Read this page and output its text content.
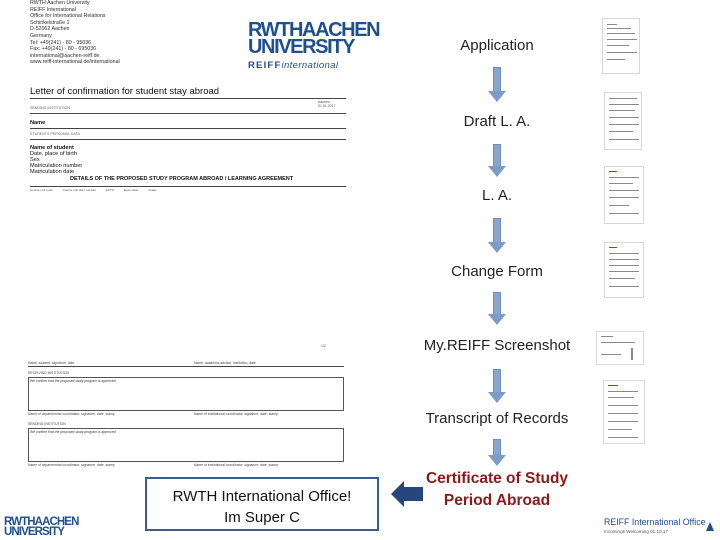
RWTH Aachen University
REIFF International
Office for International Relations
Schinkelstraße 1
D-52062 Aachen
Germany
Tel: +49(241) - 80 - 95036
Fax: +49(241) - 80 - 695036
international@aachen-reiff.de
www.reiff-international.de/international
RWTHAACHEN
UNIVERSITY
REIFFinternational
Letter of confirmation for student stay abroad
Aachen, 01.01.2017
SENDING INSTITUTION
Name
STUDENTS PERSONAL DATA
Name of student
Date, place of birth
Sex
Matriculation number
Matriculation date
DETAILS OF THE PROPOSED STUDY PROGRAM ABROAD / LEARNING AGREEMENT
Course unit code	Course unit title / module	ECTS	Exam date	Grade
1/2
Name, student, signature, date	Name, academic advisor, institution, date
RECEIVING INSTITUTION
We confirm that the proposed study program is approved.
Name of departmental coordinator, signature, date, stamp	Name of institutional coordinator, signature, date, stamp
SENDING INSTITUTION
We confirm that the proposed study program is approved.
Name of departmental coordinator, signature, date, stamp	Name of institutional coordinator, signature, date, stamp
Application
Draft L. A.
L. A.
Change Form
My.REIFF Screenshot
Transcript of Records
Certificate of Study
Period Abroad
RWTH International Office!
Im Super C
RWTHAACHEN
UNIVERSITY
REIFF International Office
Incomings Welcoming 01.10.17
